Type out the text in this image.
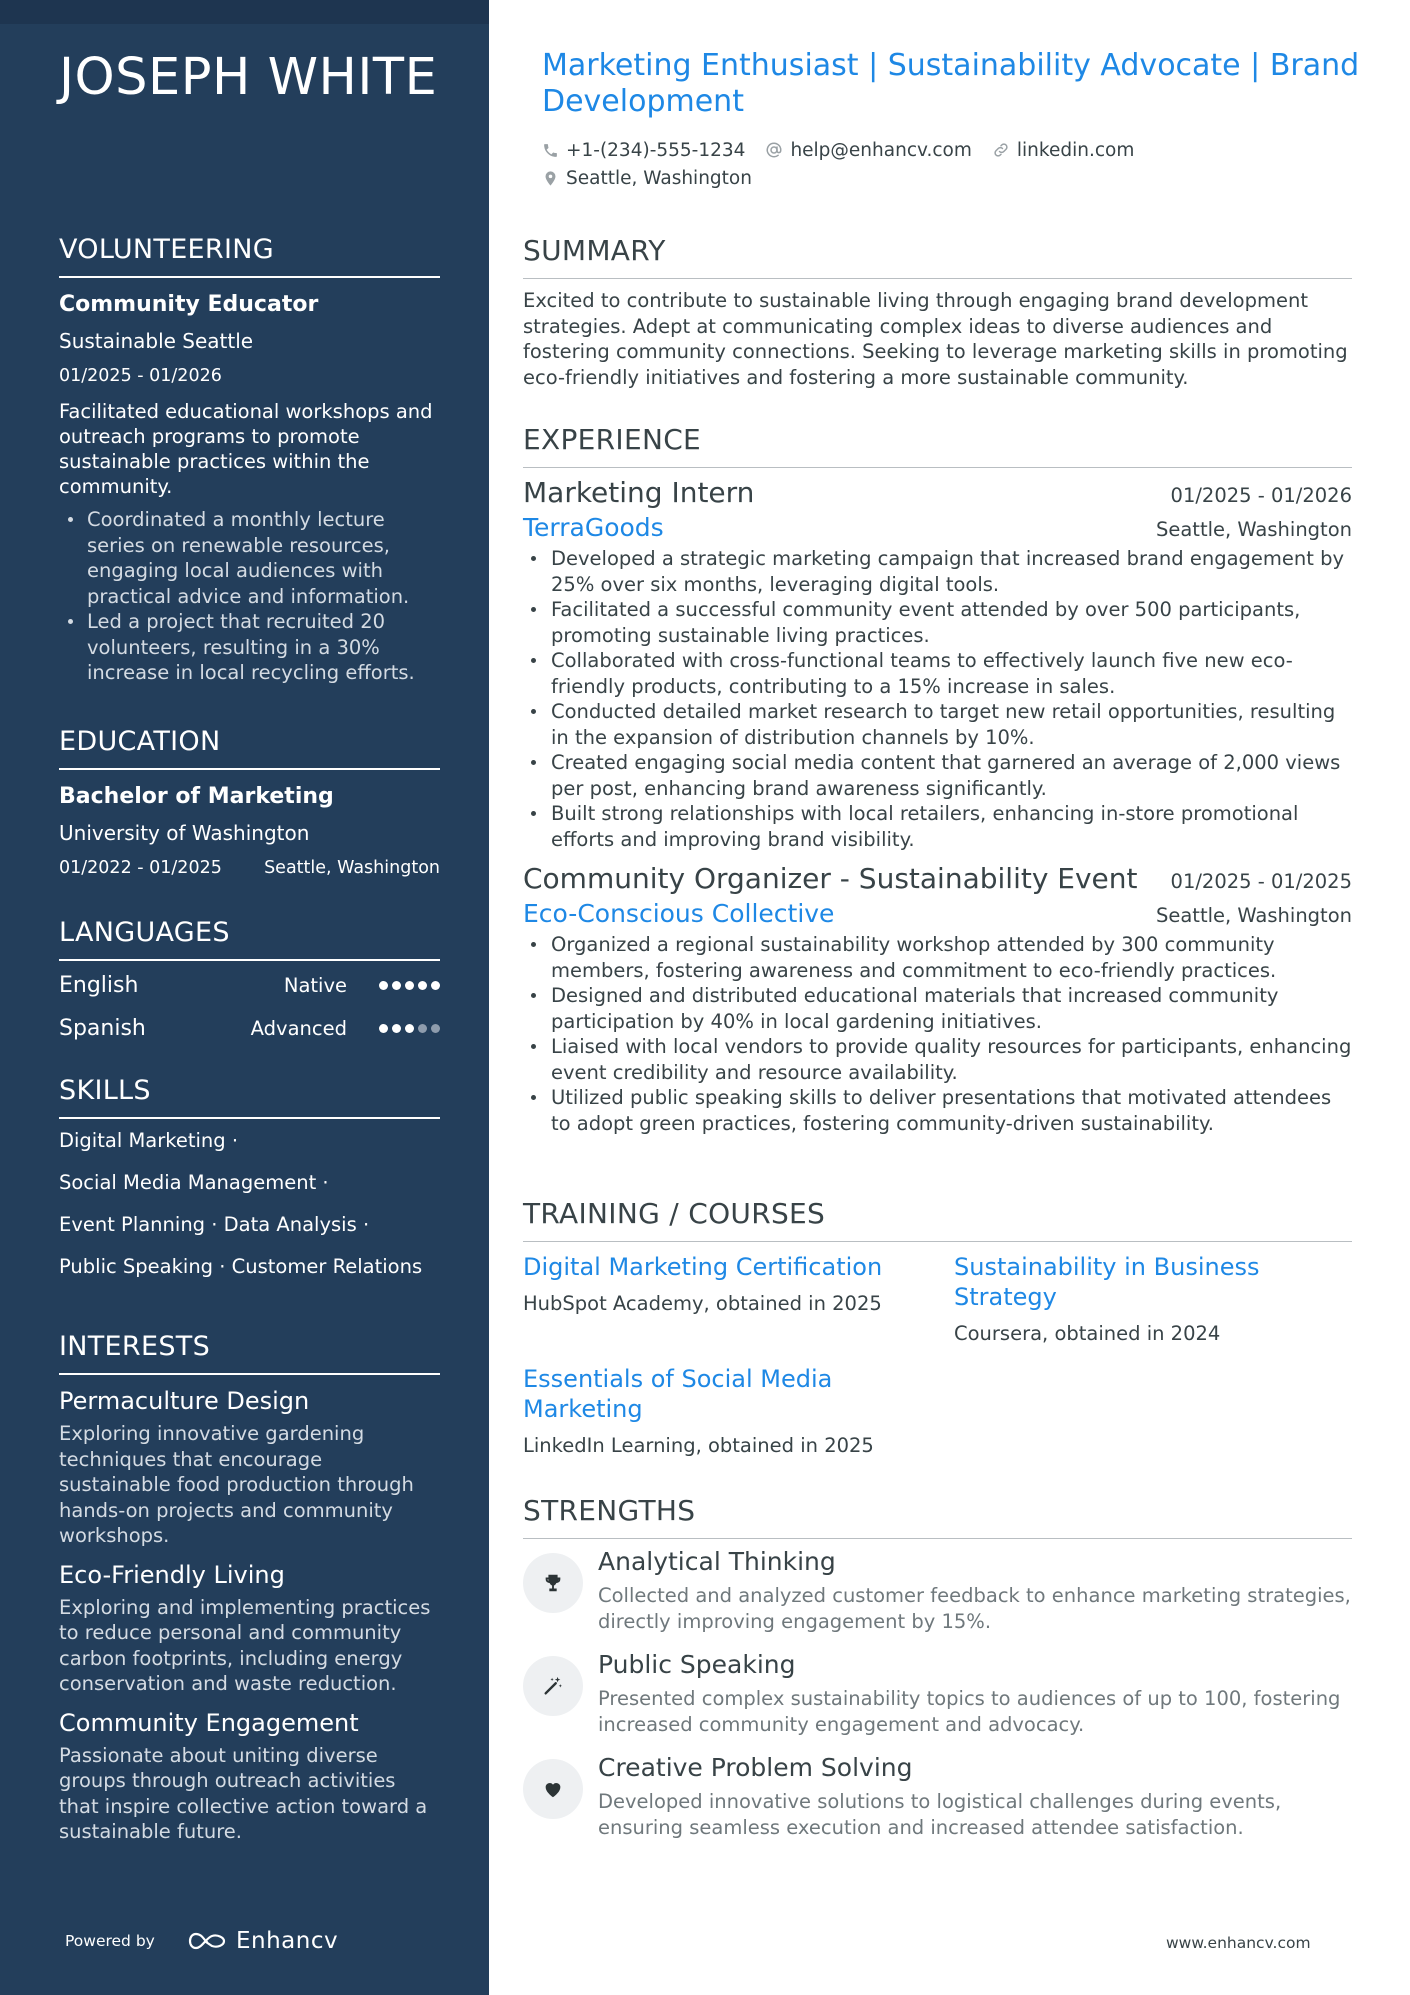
JOSEPH WHITE
VOLUNTEERING
Community Educator
Sustainable Seattle
01/2025 - 01/2026
Facilitated educational workshops and outreach programs to promote sustainable practices within the community.
Coordinated a monthly lecture series on renewable resources, engaging local audiences with practical advice and information.
Led a project that recruited 20 volunteers, resulting in a 30% increase in local recycling efforts.
EDUCATION
Bachelor of Marketing
University of Washington
01/2022 - 01/2025 Seattle, Washington
LANGUAGES
English	Native
Spanish	Advanced
SKILLS
Digital Marketing ·
Social Media Management ·
Event Planning · Data Analysis ·
Public Speaking · Customer Relations
INTERESTS
Permaculture Design
Exploring innovative gardening techniques that encourage sustainable food production through hands-on projects and community workshops.
Eco-Friendly Living
Exploring and implementing practices to reduce personal and community carbon footprints, including energy conservation and waste reduction.
Community Engagement
Passionate about uniting diverse groups through outreach activities that inspire collective action toward a sustainable future.
Powered by	Enhancv
Marketing Enthusiast | Sustainability Advocate | Brand Development
+1-(234)-555-1234 help@enhancv.com linkedin.com
Seattle, Washington
SUMMARY
Excited to contribute to sustainable living through engaging brand development strategies. Adept at communicating complex ideas to diverse audiences and fostering community connections. Seeking to leverage marketing skills in promoting eco-friendly initiatives and fostering a more sustainable community.
EXPERIENCE
Marketing Intern	01/2025 - 01/2026
TerraGoods	Seattle, Washington
Developed a strategic marketing campaign that increased brand engagement by 25% over six months, leveraging digital tools.
Facilitated a successful community event attended by over 500 participants, promoting sustainable living practices.
Collaborated with cross-functional teams to effectively launch five new eco-friendly products, contributing to a 15% increase in sales.
Conducted detailed market research to target new retail opportunities, resulting in the expansion of distribution channels by 10%.
Created engaging social media content that garnered an average of 2,000 views per post, enhancing brand awareness significantly.
Built strong relationships with local retailers, enhancing in-store promotional efforts and improving brand visibility.
Community Organizer - Sustainability Event 01/2025 - 01/2025
Eco-Conscious Collective	Seattle, Washington
Organized a regional sustainability workshop attended by 300 community members, fostering awareness and commitment to eco-friendly practices.
Designed and distributed educational materials that increased community participation by 40% in local gardening initiatives.
Liaised with local vendors to provide quality resources for participants, enhancing event credibility and resource availability.
Utilized public speaking skills to deliver presentations that motivated attendees to adopt green practices, fostering community-driven sustainability.
TRAINING / COURSES
Digital Marketing Certification
HubSpot Academy, obtained in 2025
Sustainability in Business Strategy
Coursera, obtained in 2024
Essentials of Social Media Marketing
LinkedIn Learning, obtained in 2025
STRENGTHS
Analytical Thinking
Collected and analyzed customer feedback to enhance marketing strategies, directly improving engagement by 15%.
Public Speaking
Presented complex sustainability topics to audiences of up to 100, fostering increased community engagement and advocacy.
Creative Problem Solving
Developed innovative solutions to logistical challenges during events, ensuring seamless execution and increased attendee satisfaction.
www.enhancv.com
